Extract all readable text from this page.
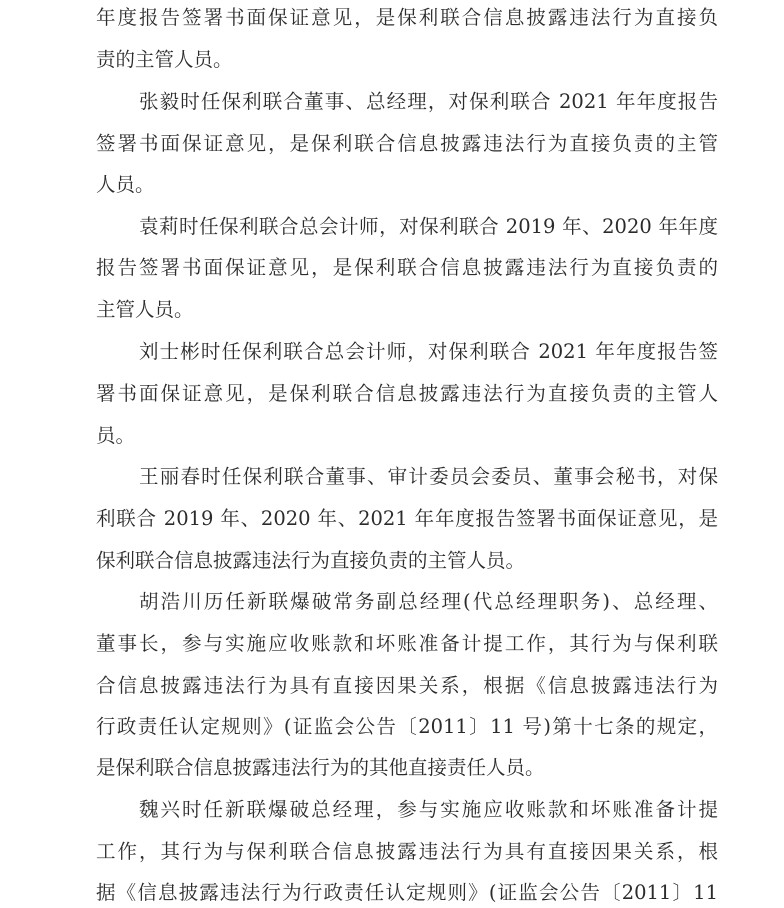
年度报告签署书面保证意见，是保利联合信息披露违法行为直接负
责的主管人员。
张毅时任保利联合董事、总经理，对保利联合 2021 年年度报告
签署书面保证意见，是保利联合信息披露违法行为直接负责的主管
人员。
袁莉时任保利联合总会计师，对保利联合 2019 年、2020 年年度
报告签署书面保证意见，是保利联合信息披露违法行为直接负责的
主管人员。
刘士彬时任保利联合总会计师，对保利联合 2021 年年度报告签
署书面保证意见，是保利联合信息披露违法行为直接负责的主管人
员。
王丽春时任保利联合董事、审计委员会委员、董事会秘书，对保
利联合 2019 年、2020 年、2021 年年度报告签署书面保证意见，是
保利联合信息披露违法行为直接负责的主管人员。
胡浩川历任新联爆破常务副总经理(代总经理职务)、总经理、
董事长，参与实施应收账款和坏账准备计提工作，其行为与保利联
合信息披露违法行为具有直接因果关系，根据《信息披露违法行为
行政责任认定规则》(证监会公告〔2011〕11 号)第十七条的规定，
是保利联合信息披露违法行为的其他直接责任人员。
魏兴时任新联爆破总经理，参与实施应收账款和坏账准备计提
工作，其行为与保利联合信息披露违法行为具有直接因果关系，根
据《信息披露违法行为行政责任认定规则》(证监会公告〔2011〕11
